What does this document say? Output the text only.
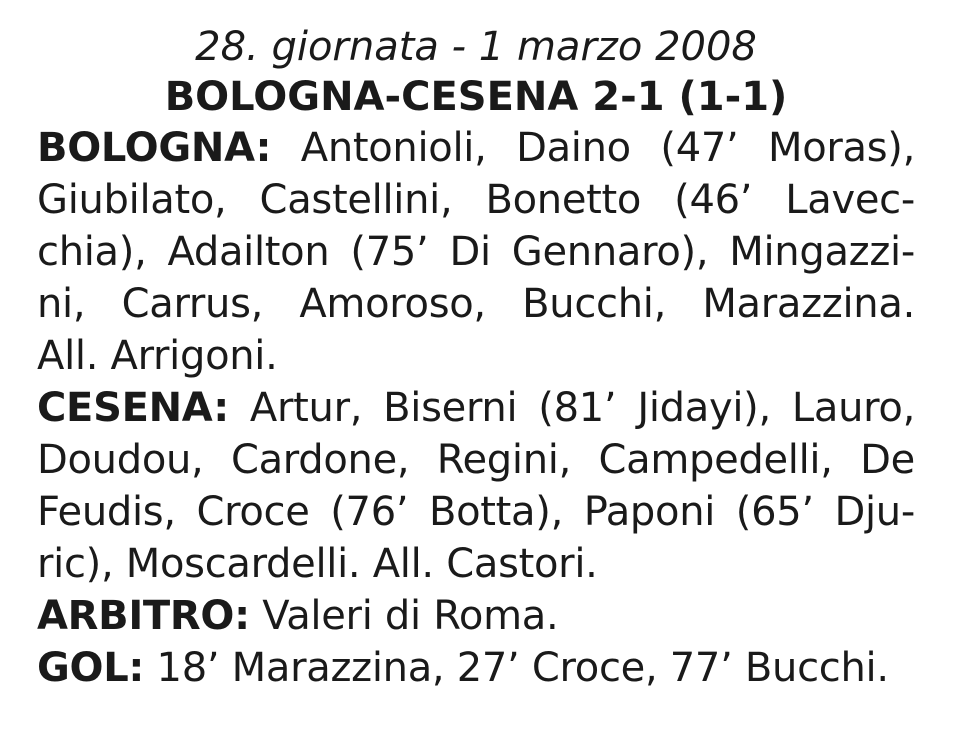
28. giornata - 1 marzo 2008

BOLOGNA-CESENA 2-1 (1-1)

BOLOGNA: Antonioli, Daino (47’ Moras),
Giubilato, Castellini, Bonetto (46’ Lavec-
chia), Adailton (75’ Di Gennaro), Mingazzi-
ni, Carrus, Amoroso, Bucchi, Marazzina.
All. Arrigoni.
CESENA: Artur, Biserni (81’ Jidayi), Lauro,
Doudou, Cardone, Regini, Campedelli, De
Feudis, Croce (76’ Botta), Paponi (65’ Dju-
ric), Moscardelli. All. Castori.
ARBITRO: Valeri di Roma.
GOL: 18’ Marazzina, 27’ Croce, 77’ Bucchi.
